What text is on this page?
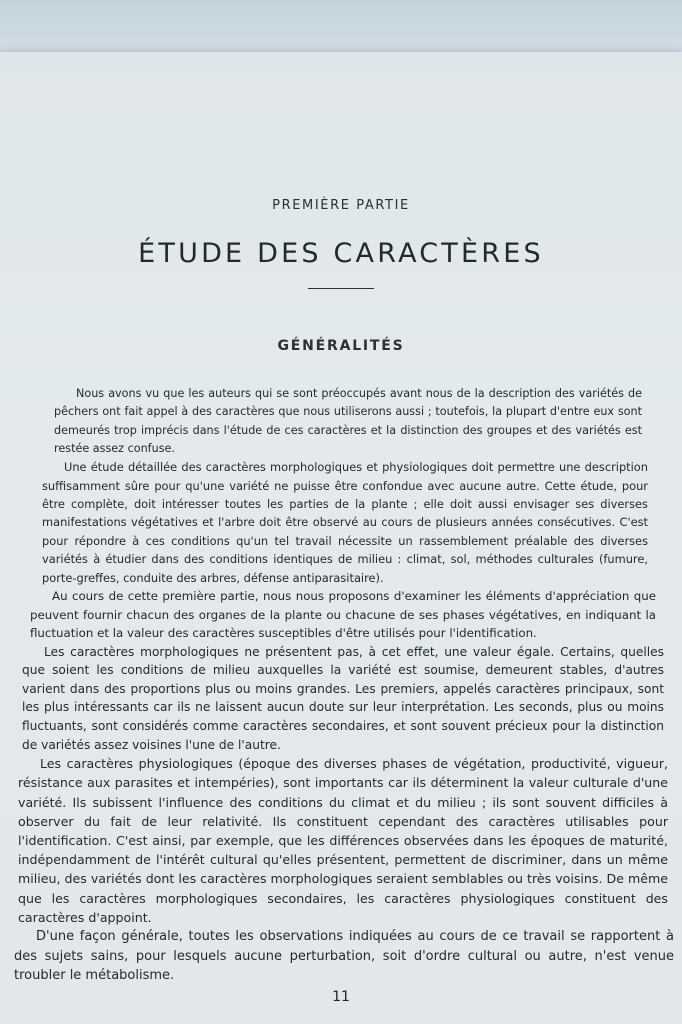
PREMIÈRE PARTIE
ÉTUDE DES CARACTÈRES
GÉNÉRALITÉS

Nous avons vu que les auteurs qui se sont préoccupés avant nous de la description des variétés de pêchers ont fait appel à des caractères que nous utiliserons aussi ; toutefois, la plupart d'entre eux sont demeurés trop imprécis dans l'étude de ces caractères et la distinction des groupes et des variétés est restée assez confuse.

Une étude détaillée des caractères morphologiques et physiologiques doit permettre une description suffisamment sûre pour qu'une variété ne puisse être confondue avec aucune autre. Cette étude, pour être complète, doit intéresser toutes les parties de la plante ; elle doit aussi envisager ses diverses manifestations végétatives et l'arbre doit être observé au cours de plusieurs années consécutives. C'est pour répondre à ces conditions qu'un tel travail nécessite un rassemblement préalable des diverses variétés à étudier dans des conditions identiques de milieu : climat, sol, méthodes culturales (fumure, porte-greffes, conduite des arbres, défense antiparasitaire).

Au cours de cette première partie, nous nous proposons d'examiner les éléments d'appréciation que peuvent fournir chacun des organes de la plante ou chacune de ses phases végétatives, en indiquant la fluctuation et la valeur des caractères susceptibles d'être utilisés pour l'identification.

Les caractères morphologiques ne présentent pas, à cet effet, une valeur égale. Certains, quelles que soient les conditions de milieu auxquelles la variété est soumise, demeurent stables, d'autres varient dans des proportions plus ou moins grandes. Les premiers, appelés caractères principaux, sont les plus intéressants car ils ne laissent aucun doute sur leur interprétation. Les seconds, plus ou moins fluctuants, sont considérés comme caractères secondaires, et sont souvent précieux pour la distinction de variétés assez voisines l'une de l'autre.

Les caractères physiologiques (époque des diverses phases de végétation, productivité, vigueur, résistance aux parasites et intempéries), sont importants car ils déterminent la valeur culturale d'une variété. Ils subissent l'influence des conditions du climat et du milieu ; ils sont souvent difficiles à observer du fait de leur relativité. Ils constituent cependant des caractères utilisables pour l'identification. C'est ainsi, par exemple, que les différences observées dans les époques de maturité, indépendamment de l'intérêt cultural qu'elles présentent, permettent de discriminer, dans un même milieu, des variétés dont les caractères morphologiques seraient semblables ou très voisins. De même que les caractères morphologiques secondaires, les caractères physiologiques constituent des caractères d'appoint.

D'une façon générale, toutes les observations indiquées au cours de ce travail se rapportent à des sujets sains, pour lesquels aucune perturbation, soit d'ordre cultural ou autre, n'est venue troubler le métabolisme.

11
